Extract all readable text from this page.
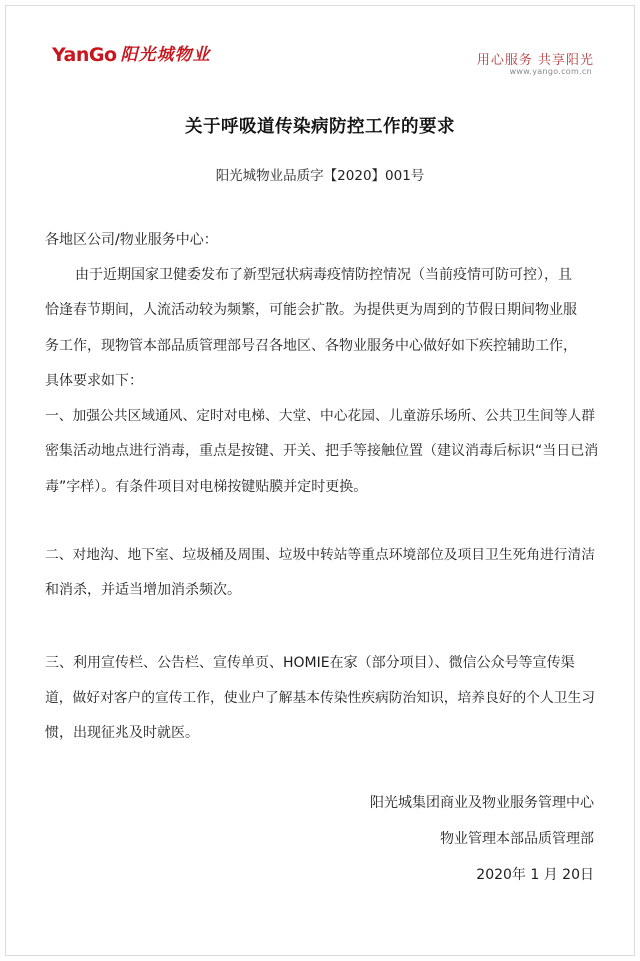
YanGo 阳光城物业	用心服务 共享阳光
www.yango.com.cn
关于呼吸道传染病防控工作的要求
阳光城物业品质字【2020】001号
各地区公司/物业服务中心：
由于近期国家卫健委发布了新型冠状病毒疫情防控情况（当前疫情可防可控），且
恰逢春节期间，人流活动较为频繁，可能会扩散。为提供更为周到的节假日期间物业服
务工作，现物管本部品质管理部号召各地区、各物业服务中心做好如下疾控辅助工作，
具体要求如下：
一、加强公共区域通风、定时对电梯、大堂、中心花园、儿童游乐场所、公共卫生间等人群
密集活动地点进行消毒，重点是按键、开关、把手等接触位置（建议消毒后标识“当日已消
毒”字样）。有条件项目对电梯按键贴膜并定时更换。
二、对地沟、地下室、垃圾桶及周围、垃圾中转站等重点环境部位及项目卫生死角进行清洁
和消杀，并适当增加消杀频次。
三、利用宣传栏、公告栏、宣传单页、HOMIE在家（部分项目）、微信公众号等宣传渠
道，做好对客户的宣传工作，使业户了解基本传染性疾病防治知识，培养良好的个人卫生习
惯，出现征兆及时就医。
阳光城集团商业及物业服务管理中心
物业管理本部品质管理部
2020年 1 月 20日
